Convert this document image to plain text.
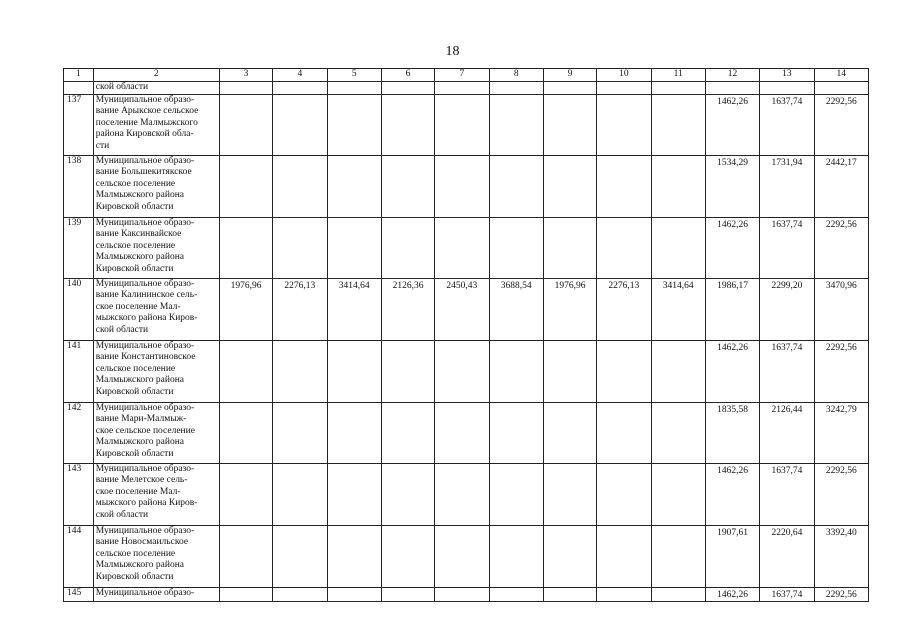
18
1	2	3	4	5	6	7	8	9	10	11	12	13	14
	ской области												
137	Муниципальное образо-
вание Арыкское сельское
поселение Малмыжского
района Кировской обла-
сти										1462,26	1637,74	2292,56
138	Муниципальное образо-
вание Большекитякское
сельское поселение
Малмыжского района
Кировской области										1534,29	1731,94	2442,17
139	Муниципальное образо-
вание Каксинвайское
сельское поселение
Малмыжского района
Кировской области										1462,26	1637,74	2292,56
140	Муниципальное образо-
вание Калининское сель-
ское поселение Мал-
мыжского района Киров-
ской области	1976,96	2276,13	3414,64	2126,36	2450,43	3688,54	1976,96	2276,13	3414,64	1986,17	2299,20	3470,96
141	Муниципальное образо-
вание Константиновское
сельское поселение
Малмыжского района
Кировской области										1462,26	1637,74	2292,56
142	Муниципальное образо-
вание Мари-Малмыж-
ское сельское поселение
Малмыжского района
Кировской области										1835,58	2126,44	3242,79
143	Муниципальное образо-
вание Мелетское сель-
ское поселение Мал-
мыжского района Киров-
ской области										1462,26	1637,74	2292,56
144	Муниципальное образо-
вание Новосмаильское
сельское поселение
Малмыжского района
Кировской области										1907,61	2220,64	3392,40
145	Муниципальное образо-										1462,26	1637,74	2292,56
